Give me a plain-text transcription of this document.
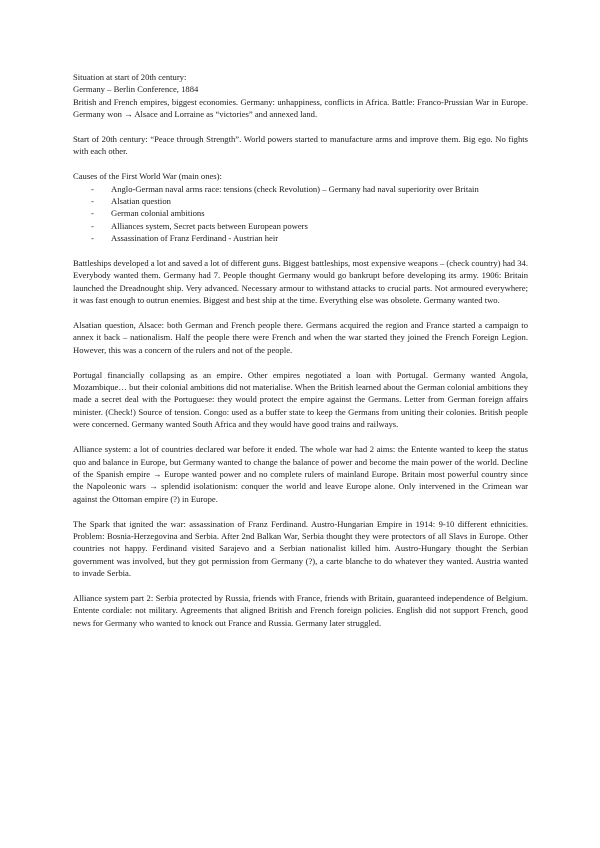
Situation at start of 20th century:

Germany – Berlin Conference, 1884

British and French empires, biggest economies. Germany: unhappiness, conflicts in Africa. Battle: Franco-Prussian War in Europe. Germany won → Alsace and Lorraine as “victories” and annexed land.

Start of 20th century: “Peace through Strength”. World powers started to manufacture arms and improve them. Big ego. No fights with each other.

Causes of the First World War (main ones):

- Anglo-German naval arms race: tensions (check Revolution) – Germany had naval superiority over Britain
- Alsatian question
- German colonial ambitions
- Alliances system, Secret pacts between European powers
- Assassination of Franz Ferdinand - Austrian heir

Battleships developed a lot and saved a lot of different guns. Biggest battleships, most expensive weapons – (check country) had 34. Everybody wanted them. Germany had 7. People thought Germany would go bankrupt before developing its army. 1906: Britain launched the Dreadnought ship. Very advanced. Necessary armour to withstand attacks to crucial parts. Not armoured everywhere; it was fast enough to outrun enemies. Biggest and best ship at the time. Everything else was obsolete. Germany wanted two.

Alsatian question, Alsace: both German and French people there. Germans acquired the region and France started a campaign to annex it back – nationalism. Half the people there were French and when the war started they joined the French Foreign Legion. However, this was a concern of the rulers and not of the people.

Portugal financially collapsing as an empire. Other empires negotiated a loan with Portugal. Germany wanted Angola, Mozambique… but their colonial ambitions did not materialise. When the British learned about the German colonial ambitions they made a secret deal with the Portuguese: they would protect the empire against the Germans. Letter from German foreign affairs minister. (Check!) Source of tension. Congo: used as a buffer state to keep the Germans from uniting their colonies. British people were concerned. Germany wanted South Africa and they would have good trains and railways.

Alliance system: a lot of countries declared war before it ended. The whole war had 2 aims: the Entente wanted to keep the status quo and balance in Europe, but Germany wanted to change the balance of power and become the main power of the world. Decline of the Spanish empire → Europe wanted power and no complete rulers of mainland Europe. Britain most powerful country since the Napoleonic wars → splendid isolationism: conquer the world and leave Europe alone. Only intervened in the Crimean war against the Ottoman empire (?) in Europe.

The Spark that ignited the war: assassination of Franz Ferdinand. Austro-Hungarian Empire in 1914: 9-10 different ethnicities. Problem: Bosnia-Herzegovina and Serbia. After 2nd Balkan War, Serbia thought they were protectors of all Slavs in Europe. Other countries not happy. Ferdinand visited Sarajevo and a Serbian nationalist killed him. Austro-Hungary thought the Serbian government was involved, but they got permission from Germany (?), a carte blanche to do whatever they wanted. Austria wanted to invade Serbia.

Alliance system part 2: Serbia protected by Russia, friends with France, friends with Britain, guaranteed independence of Belgium. Entente cordiale: not military. Agreements that aligned British and French foreign policies. English did not support French, good news for Germany who wanted to knock out France and Russia. Germany later struggled.
